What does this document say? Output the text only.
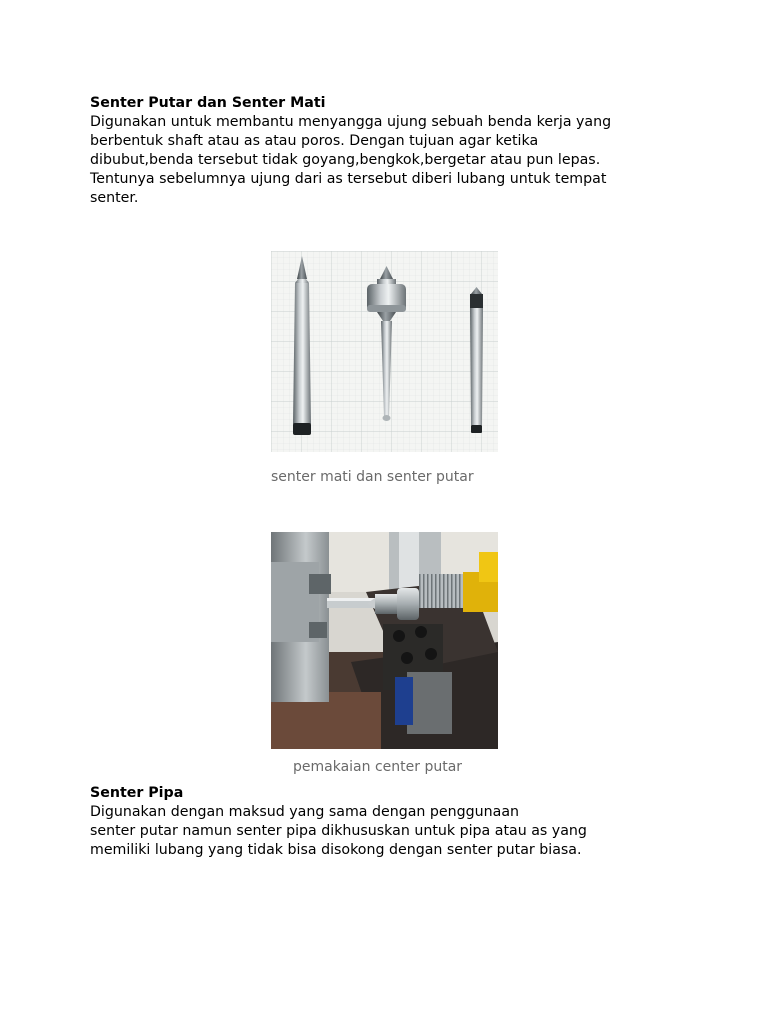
Senter Putar dan Senter Mati
Digunakan untuk membantu menyangga ujung sebuah benda kerja yang
berbentuk shaft atau as atau poros. Dengan tujuan agar ketika
dibubut,benda tersebut tidak goyang,bengkok,bergetar atau pun lepas.
Tentunya sebelumnya ujung dari as tersebut diberi lubang untuk tempat
senter.
senter mati dan senter putar
pemakaian center putar
Senter Pipa
Digunakan dengan maksud yang sama dengan penggunaan
senter putar namun senter pipa dikhususkan untuk pipa atau as yang
memiliki lubang yang tidak bisa disokong dengan senter putar biasa.
